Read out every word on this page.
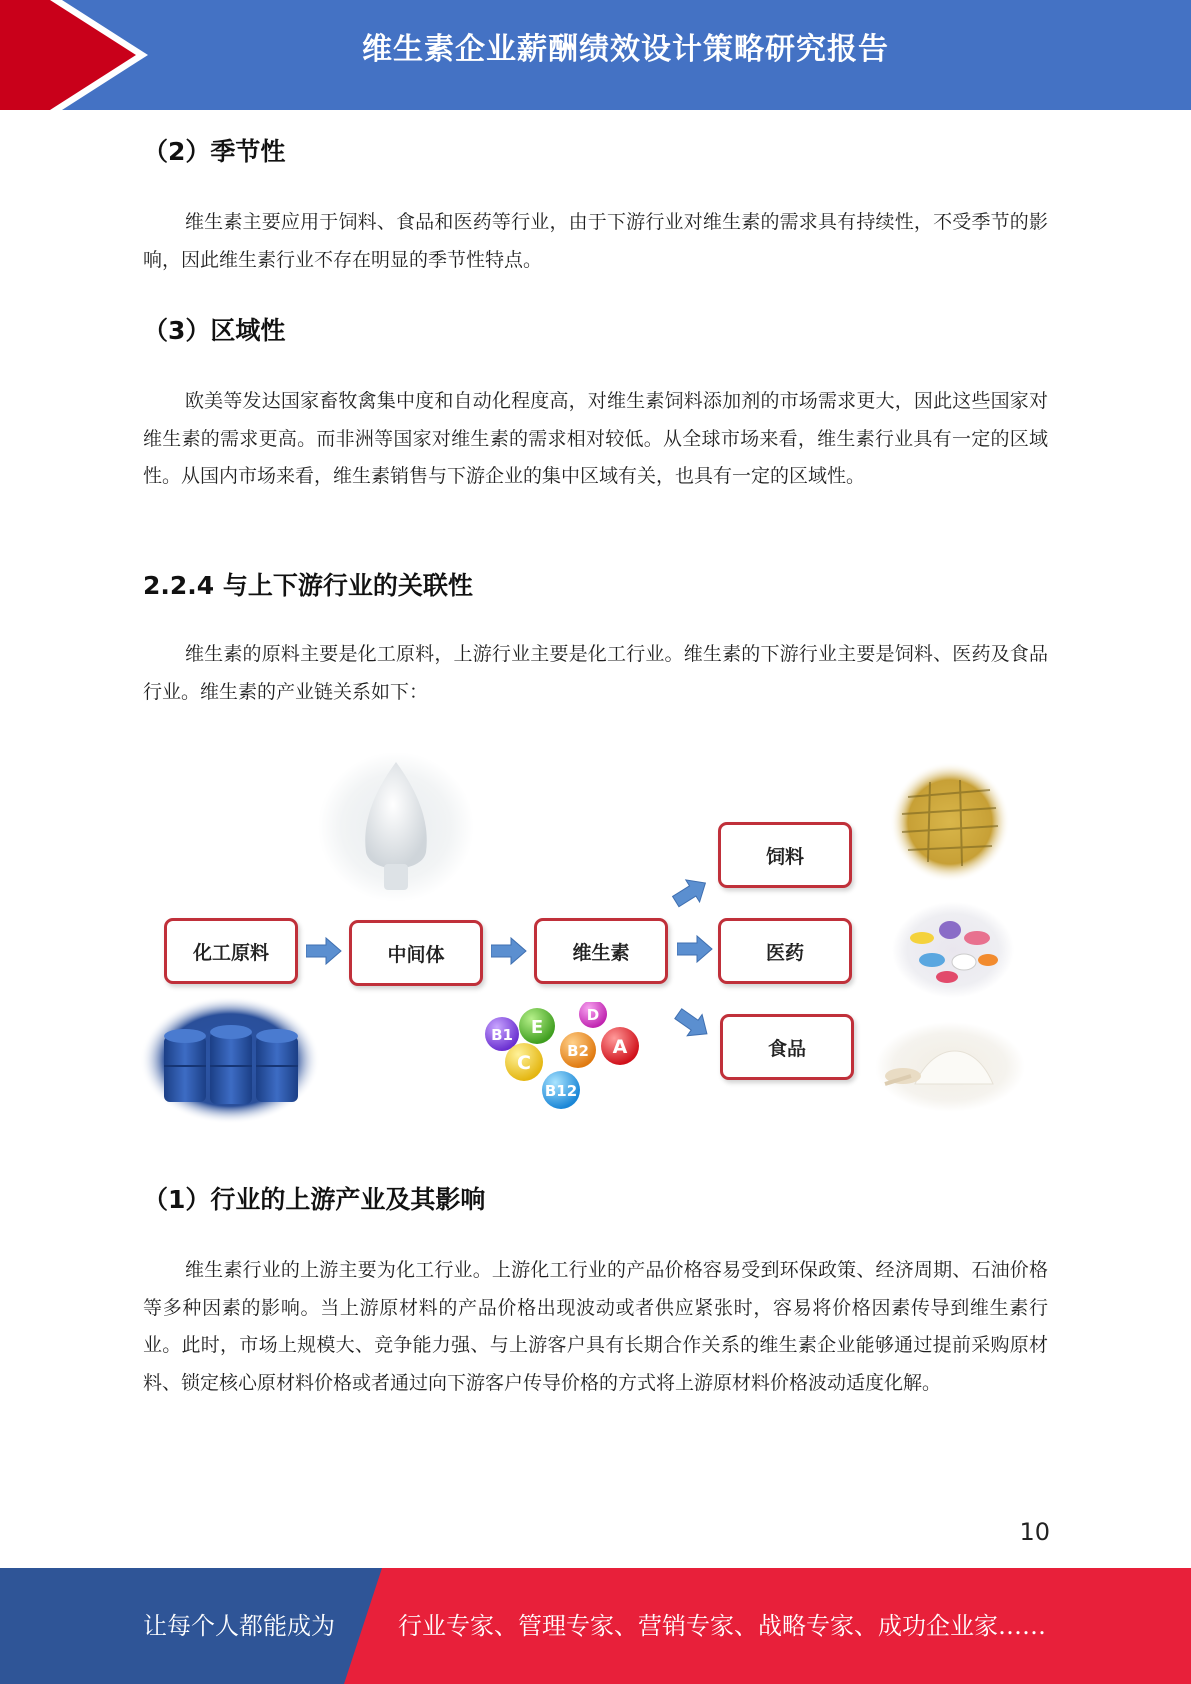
维生素企业薪酬绩效设计策略研究报告
（2）季节性
维生素主要应用于饲料、食品和医药等行业，由于下游行业对维生素的需求具有持续性，不受季节的影响，因此维生素行业不存在明显的季节性特点。
（3）区域性
欧美等发达国家畜牧禽集中度和自动化程度高，对维生素饲料添加剂的市场需求更大，因此这些国家对维生素的需求更高。而非洲等国家对维生素的需求相对较低。从全球市场来看，维生素行业具有一定的区域性。从国内市场来看，维生素销售与下游企业的集中区域有关，也具有一定的区域性。
2.2.4 与上下游行业的关联性
维生素的原料主要是化工原料，上游行业主要是化工行业。维生素的下游行业主要是饲料、医药及食品行业。维生素的产业链关系如下：
B1 E
D
B2 A
C
B12
化工原料	中间体	维生素
饲料
医药
食品
（1）行业的上游产业及其影响
维生素行业的上游主要为化工行业。上游化工行业的产品价格容易受到环保政策、经济周期、石油价格等多种因素的影响。当上游原材料的产品价格出现波动或者供应紧张时，容易将价格因素传导到维生素行业。此时，市场上规模大、竞争能力强、与上游客户具有长期合作关系的维生素企业能够通过提前采购原材料、锁定核心原材料价格或者通过向下游客户传导价格的方式将上游原材料价格波动适度化解。
10
让每个人都能成为	行业专家、管理专家、营销专家、战略专家、成功企业家……
